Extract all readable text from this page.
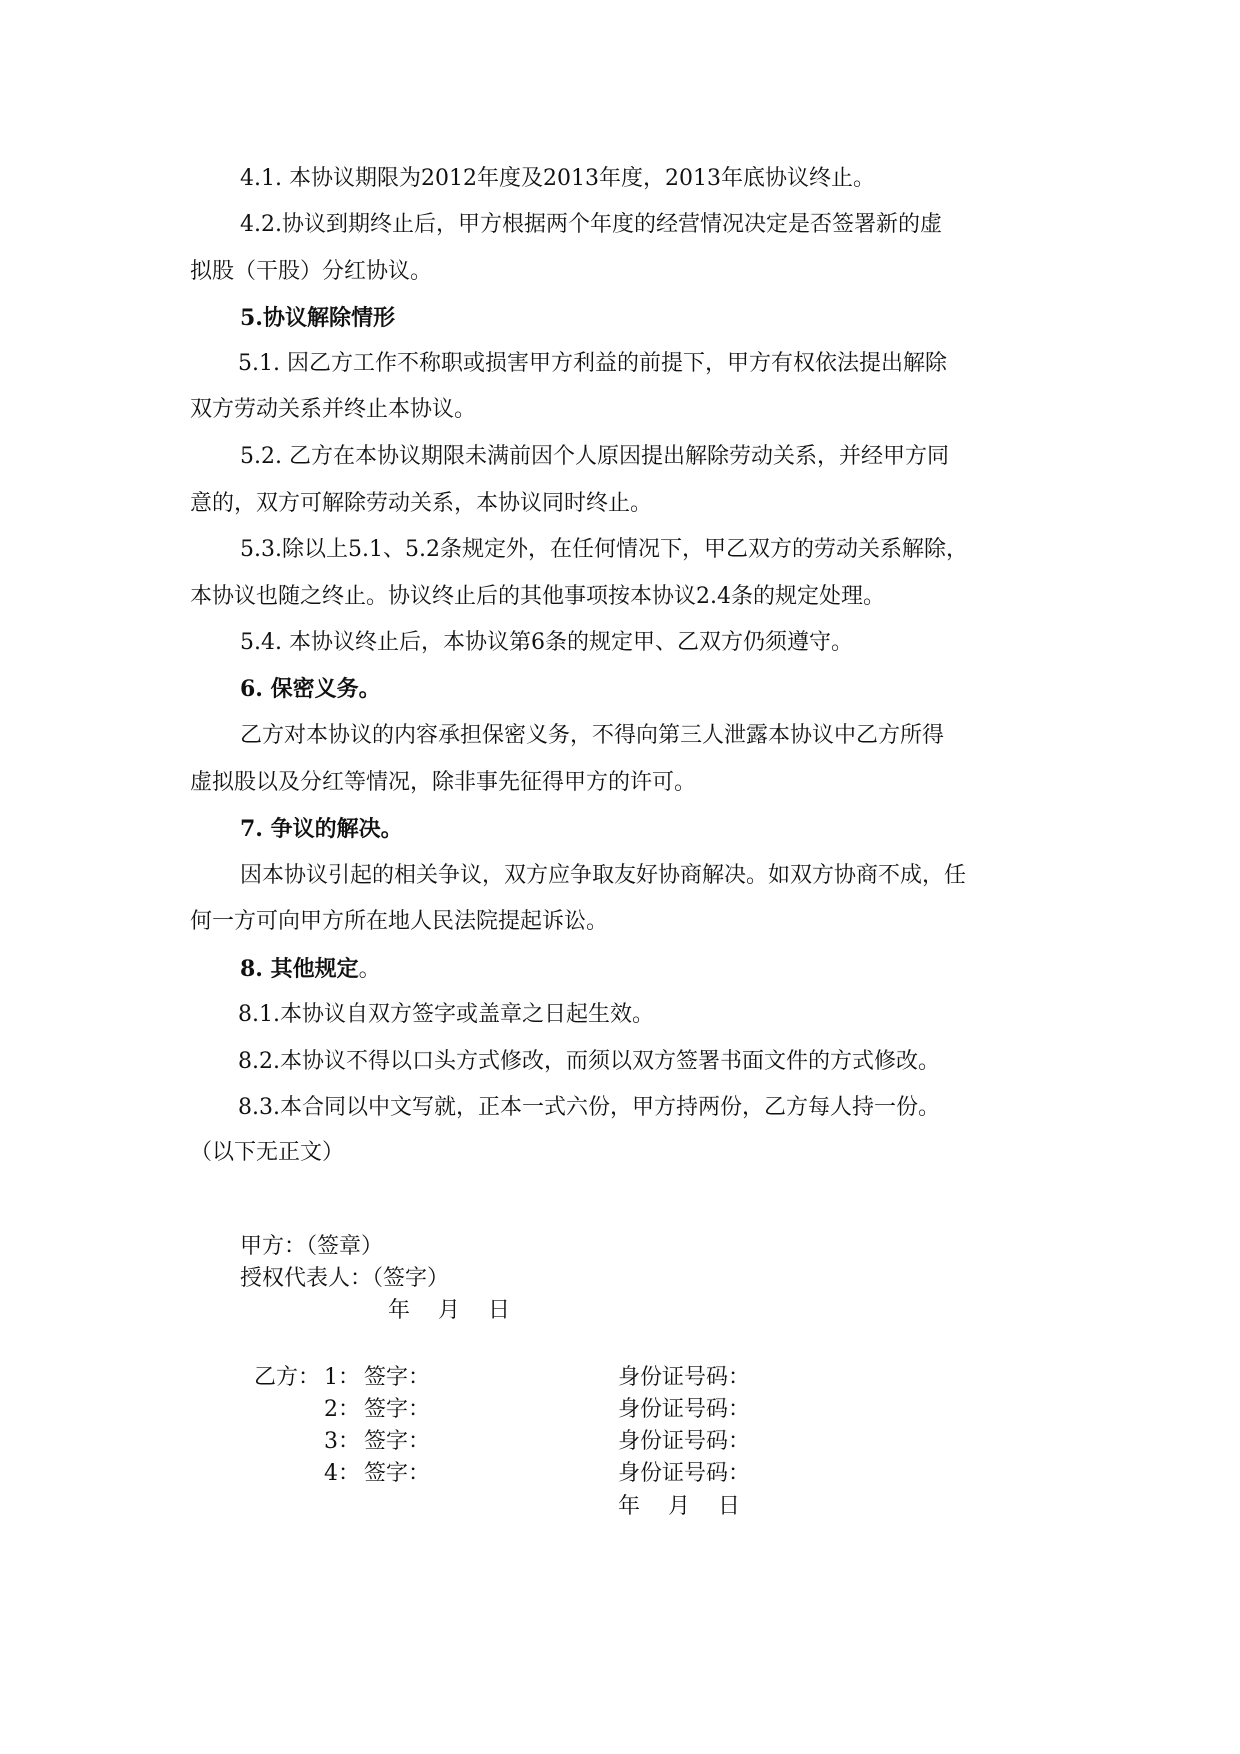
4.1. 本协议期限为2012年度及2013年度，2013年底协议终止。
4.2.协议到期终止后，甲方根据两个年度的经营情况决定是否签署新的虚
拟股（干股）分红协议。
5.协议解除情形
5.1. 因乙方工作不称职或损害甲方利益的前提下，甲方有权依法提出解除
双方劳动关系并终止本协议。
5.2. 乙方在本协议期限未满前因个人原因提出解除劳动关系，并经甲方同
意的，双方可解除劳动关系，本协议同时终止。
5.3.除以上5.1、5.2条规定外，在任何情况下，甲乙双方的劳动关系解除，
本协议也随之终止。协议终止后的其他事项按本协议2.4条的规定处理。
5.4. 本协议终止后，本协议第6条的规定甲、乙双方仍须遵守。
6. 保密义务。
乙方对本协议的内容承担保密义务，不得向第三人泄露本协议中乙方所得
虚拟股以及分红等情况，除非事先征得甲方的许可。
7. 争议的解决。
因本协议引起的相关争议，双方应争取友好协商解决。如双方协商不成，任
何一方可向甲方所在地人民法院提起诉讼。
8. 其他规定。
8.1.本协议自双方签字或盖章之日起生效。
8.2.本协议不得以口头方式修改，而须以双方签署书面文件的方式修改。
8.3.本合同以中文写就，正本一式六份，甲方持两份，乙方每人持一份。
（以下无正文）
甲方：（签章）
授权代表人：（签字）
年    月    日
乙方： 1： 签字：	身份证号码：
2： 签字：	身份证号码：
3： 签字：	身份证号码：
4： 签字：	身份证号码：
年    月    日
